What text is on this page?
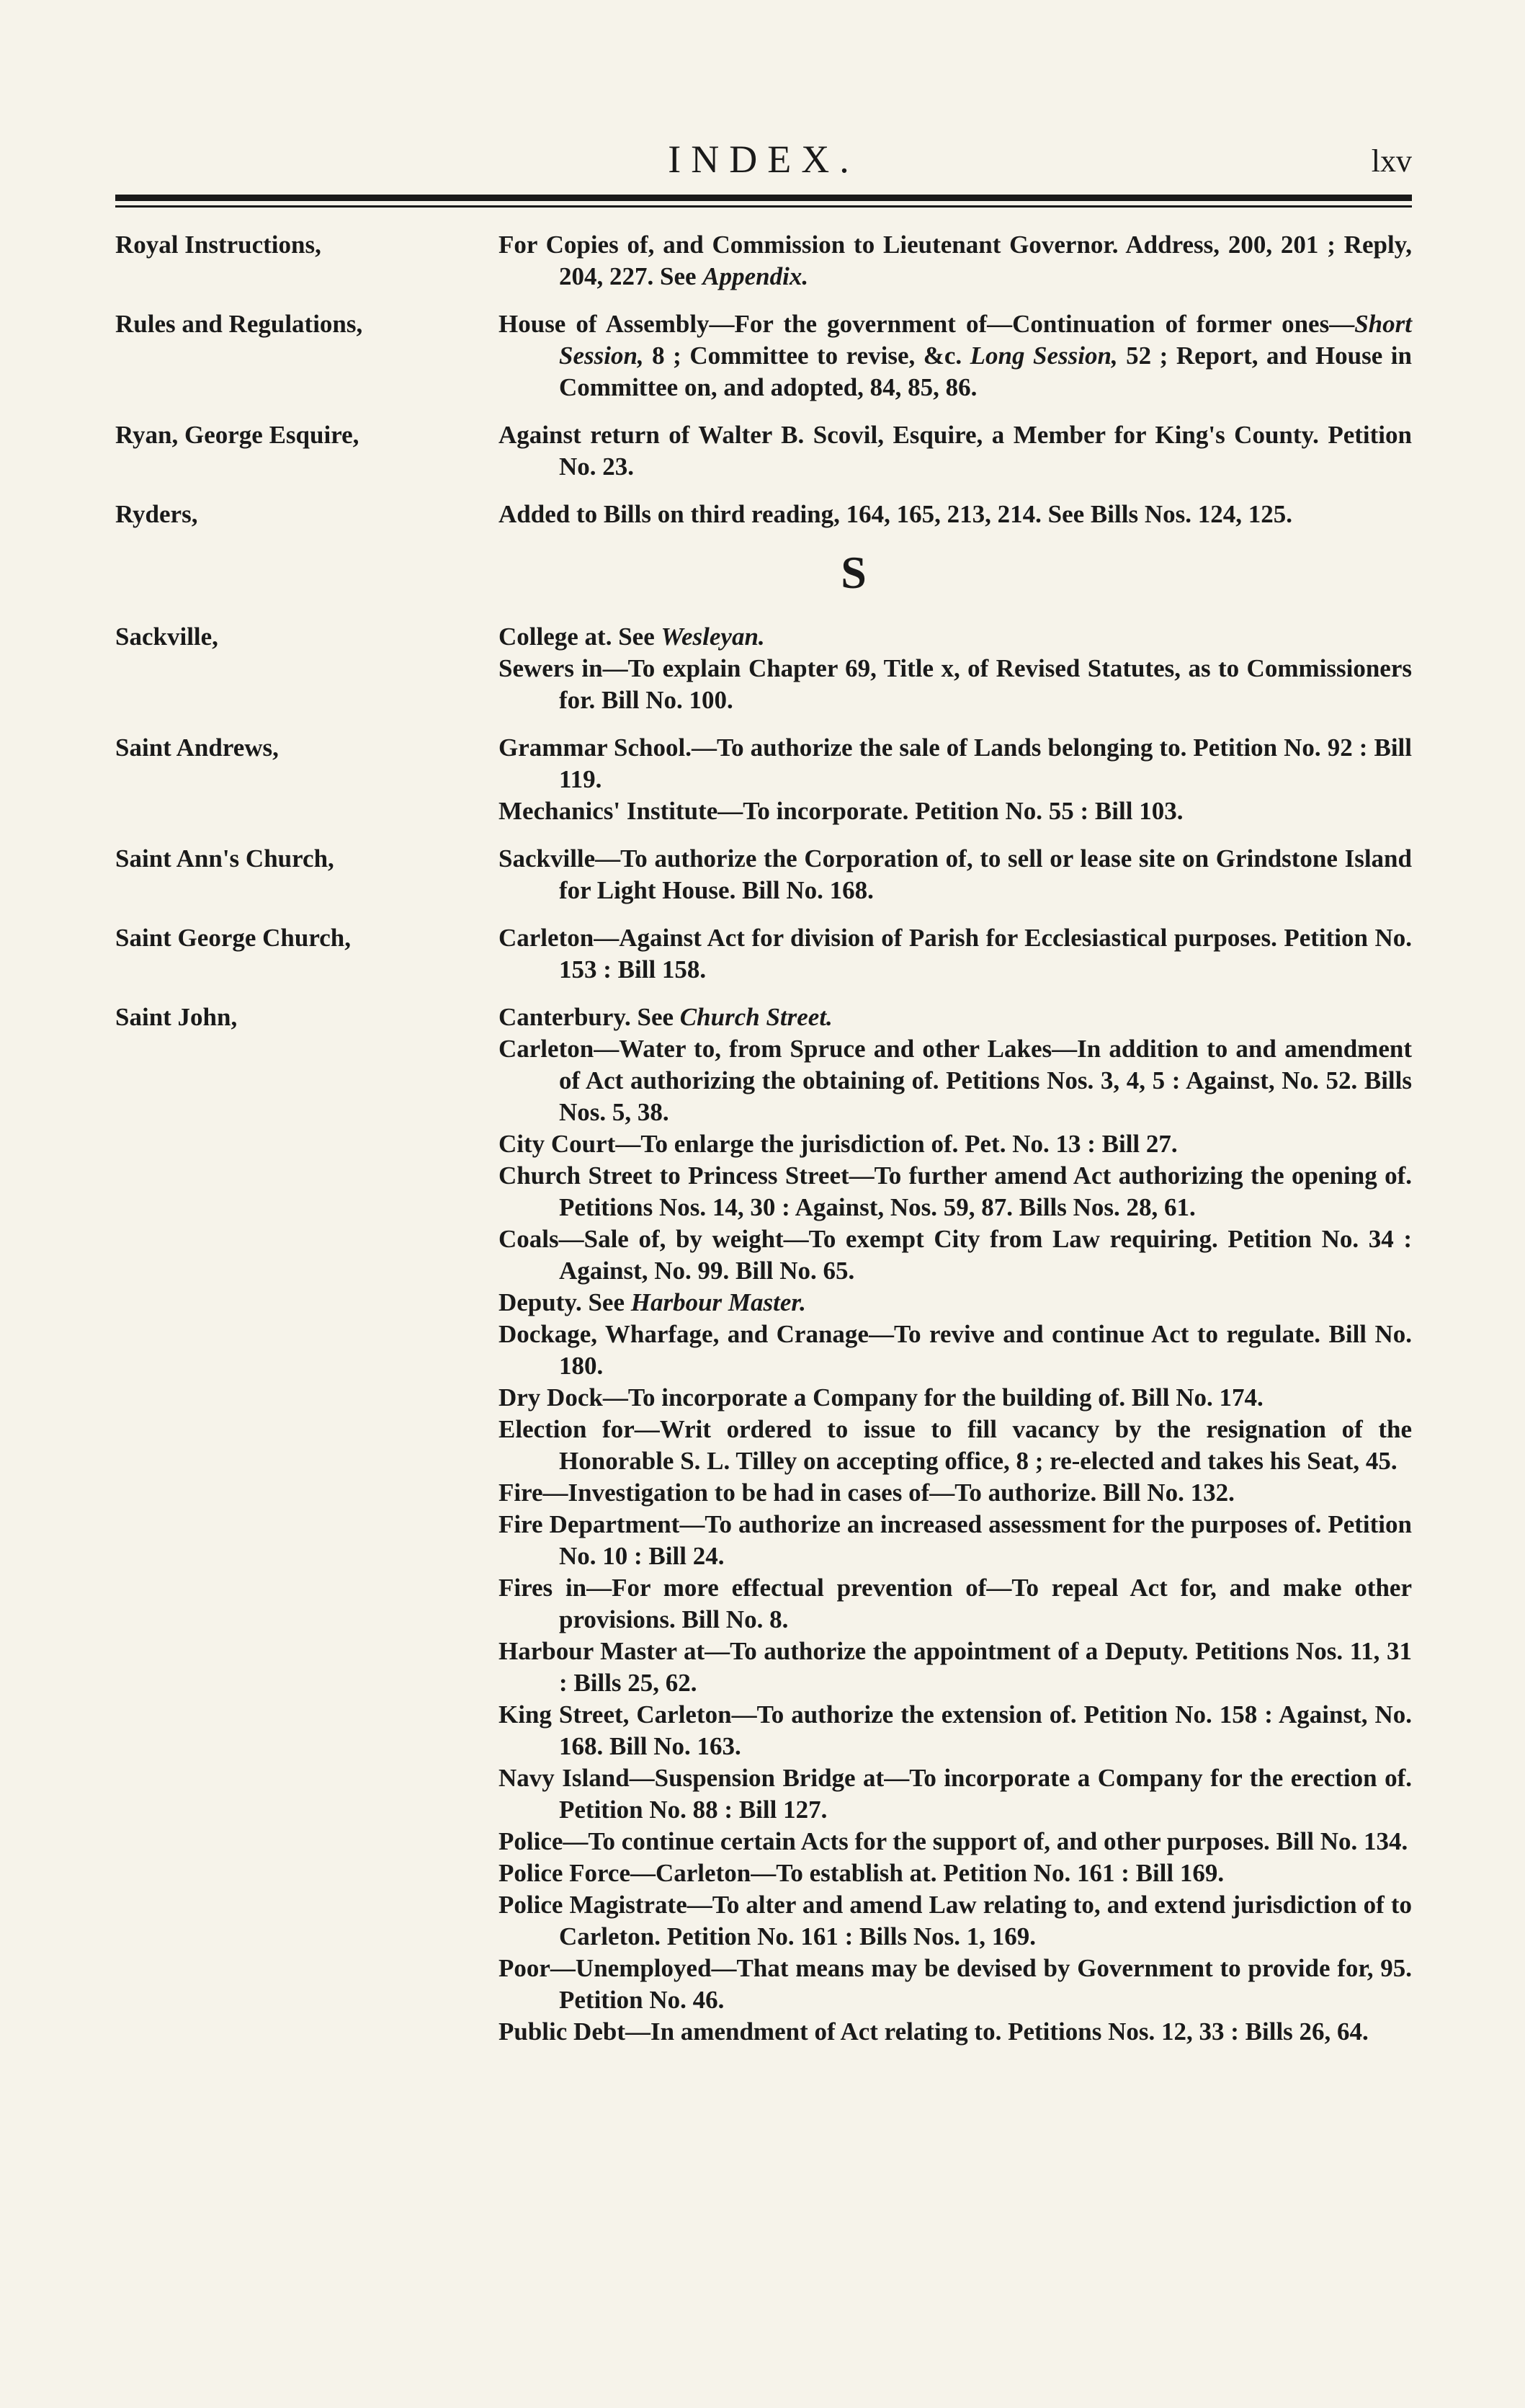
INDEX.	lxv
Royal Instructions,	For Copies of, and Commission to Lieutenant Governor. Address, 200, 201 ; Reply, 204, 227. See Appendix.
Rules and Regulations,	House of Assembly—For the government of—Continuation of former ones—Short Session, 8 ; Committee to revise, &c. Long Session, 52 ; Report, and House in Committee on, and adopted, 84, 85, 86.
Ryan, George Esquire,	Against return of Walter B. Scovil, Esquire, a Member for King's County. Petition No. 23.
Ryders,	Added to Bills on third reading, 164, 165, 213, 214. See Bills Nos. 124, 125.
S
Sackville,	College at. See Wesleyan.
Sewers in—To explain Chapter 69, Title x, of Revised Statutes, as to Commissioners for. Bill No. 100.
Saint Andrews,	Grammar School.—To authorize the sale of Lands belonging to. Petition No. 92 : Bill 119.
Mechanics' Institute—To incorporate. Petition No. 55 : Bill 103.
Saint Ann's Church,	Sackville—To authorize the Corporation of, to sell or lease site on Grindstone Island for Light House. Bill No. 168.
Saint George Church,	Carleton—Against Act for division of Parish for Ecclesiastical purposes. Petition No. 153 : Bill 158.
Saint John,	Canterbury. See Church Street.
Carleton—Water to, from Spruce and other Lakes—In addition to and amendment of Act authorizing the obtaining of. Petitions Nos. 3, 4, 5 : Against, No. 52. Bills Nos. 5, 38.
City Court—To enlarge the jurisdiction of. Pet. No. 13 : Bill 27.
Church Street to Princess Street—To further amend Act authorizing the opening of. Petitions Nos. 14, 30 : Against, Nos. 59, 87. Bills Nos. 28, 61.
Coals—Sale of, by weight—To exempt City from Law requiring. Petition No. 34 : Against, No. 99. Bill No. 65.
Deputy. See Harbour Master.
Dockage, Wharfage, and Cranage—To revive and continue Act to regulate. Bill No. 180.
Dry Dock—To incorporate a Company for the building of. Bill No. 174.
Election for—Writ ordered to issue to fill vacancy by the resignation of the Honorable S. L. Tilley on accepting office, 8 ; re-elected and takes his Seat, 45.
Fire—Investigation to be had in cases of—To authorize. Bill No. 132.
Fire Department—To authorize an increased assessment for the purposes of. Petition No. 10 : Bill 24.
Fires in—For more effectual prevention of—To repeal Act for, and make other provisions. Bill No. 8.
Harbour Master at—To authorize the appointment of a Deputy. Petitions Nos. 11, 31 : Bills 25, 62.
King Street, Carleton—To authorize the extension of. Petition No. 158 : Against, No. 168. Bill No. 163.
Navy Island—Suspension Bridge at—To incorporate a Company for the erection of. Petition No. 88 : Bill 127.
Police—To continue certain Acts for the support of, and other purposes. Bill No. 134.
Police Force—Carleton—To establish at. Petition No. 161 : Bill 169.
Police Magistrate—To alter and amend Law relating to, and extend jurisdiction of to Carleton. Petition No. 161 : Bills Nos. 1, 169.
Poor—Unemployed—That means may be devised by Government to provide for, 95. Petition No. 46.
Public Debt—In amendment of Act relating to. Petitions Nos. 12, 33 : Bills 26, 64.
